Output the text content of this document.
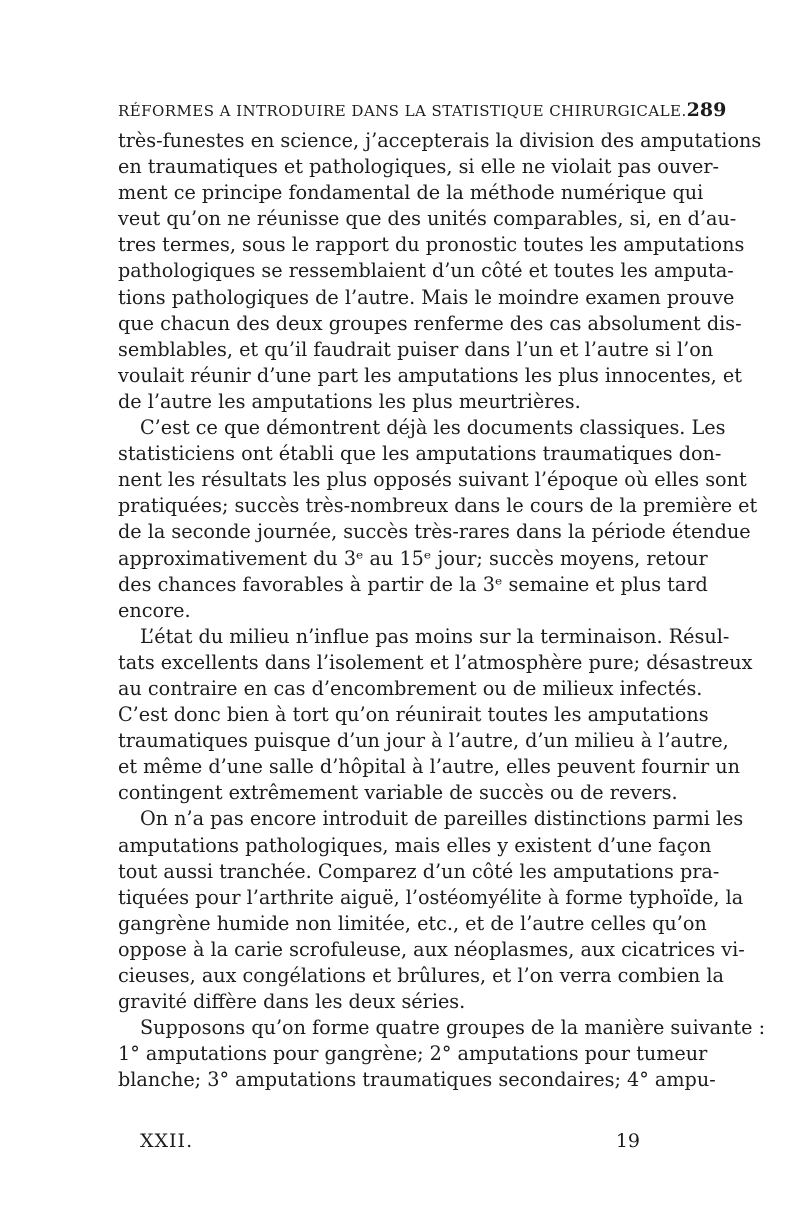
RÉFORMES A INTRODUIRE DANS LA STATISTIQUE CHIRURGICALE. 289
très-funestes en science, j’accepterais la division des amputations
en traumatiques et pathologiques, si elle ne violait pas ouver-
ment ce principe fondamental de la méthode numérique qui
veut qu’on ne réunisse que des unités comparables, si, en d’au-
tres termes, sous le rapport du pronostic toutes les amputations
pathologiques se ressemblaient d’un côté et toutes les amputa-
tions pathologiques de l’autre. Mais le moindre examen prouve
que chacun des deux groupes renferme des cas absolument dis-
semblables, et qu’il faudrait puiser dans l’un et l’autre si l’on
voulait réunir d’une part les amputations les plus innocentes, et
de l’autre les amputations les plus meurtrières.
C’est ce que démontrent déjà les documents classiques. Les
statisticiens ont établi que les amputations traumatiques don-
nent les résultats les plus opposés suivant l’époque où elles sont
pratiquées; succès très-nombreux dans le cours de la première et
de la seconde journée, succès très-rares dans la période étendue
approximativement du 3ᵉ au 15ᵉ jour; succès moyens, retour
des chances favorables à partir de la 3ᵉ semaine et plus tard
encore.
L’état du milieu n’influe pas moins sur la terminaison. Résul-
tats excellents dans l’isolement et l’atmosphère pure; désastreux
au contraire en cas d’encombrement ou de milieux infectés.
C’est donc bien à tort qu’on réunirait toutes les amputations
traumatiques puisque d’un jour à l’autre, d’un milieu à l’autre,
et même d’une salle d’hôpital à l’autre, elles peuvent fournir un
contingent extrêmement variable de succès ou de revers.
On n’a pas encore introduit de pareilles distinctions parmi les
amputations pathologiques, mais elles y existent d’une façon
tout aussi tranchée. Comparez d’un côté les amputations pra-
tiquées pour l’arthrite aiguë, l’ostéomyélite à forme typhoïde, la
gangrène humide non limitée, etc., et de l’autre celles qu’on
oppose à la carie scrofuleuse, aux néoplasmes, aux cicatrices vi-
cieuses, aux congélations et brûlures, et l’on verra combien la
gravité diffère dans les deux séries.
Supposons qu’on forme quatre groupes de la manière suivante :
1° amputations pour gangrène; 2° amputations pour tumeur
blanche; 3° amputations traumatiques secondaires; 4° ampu-
XXII.	19
